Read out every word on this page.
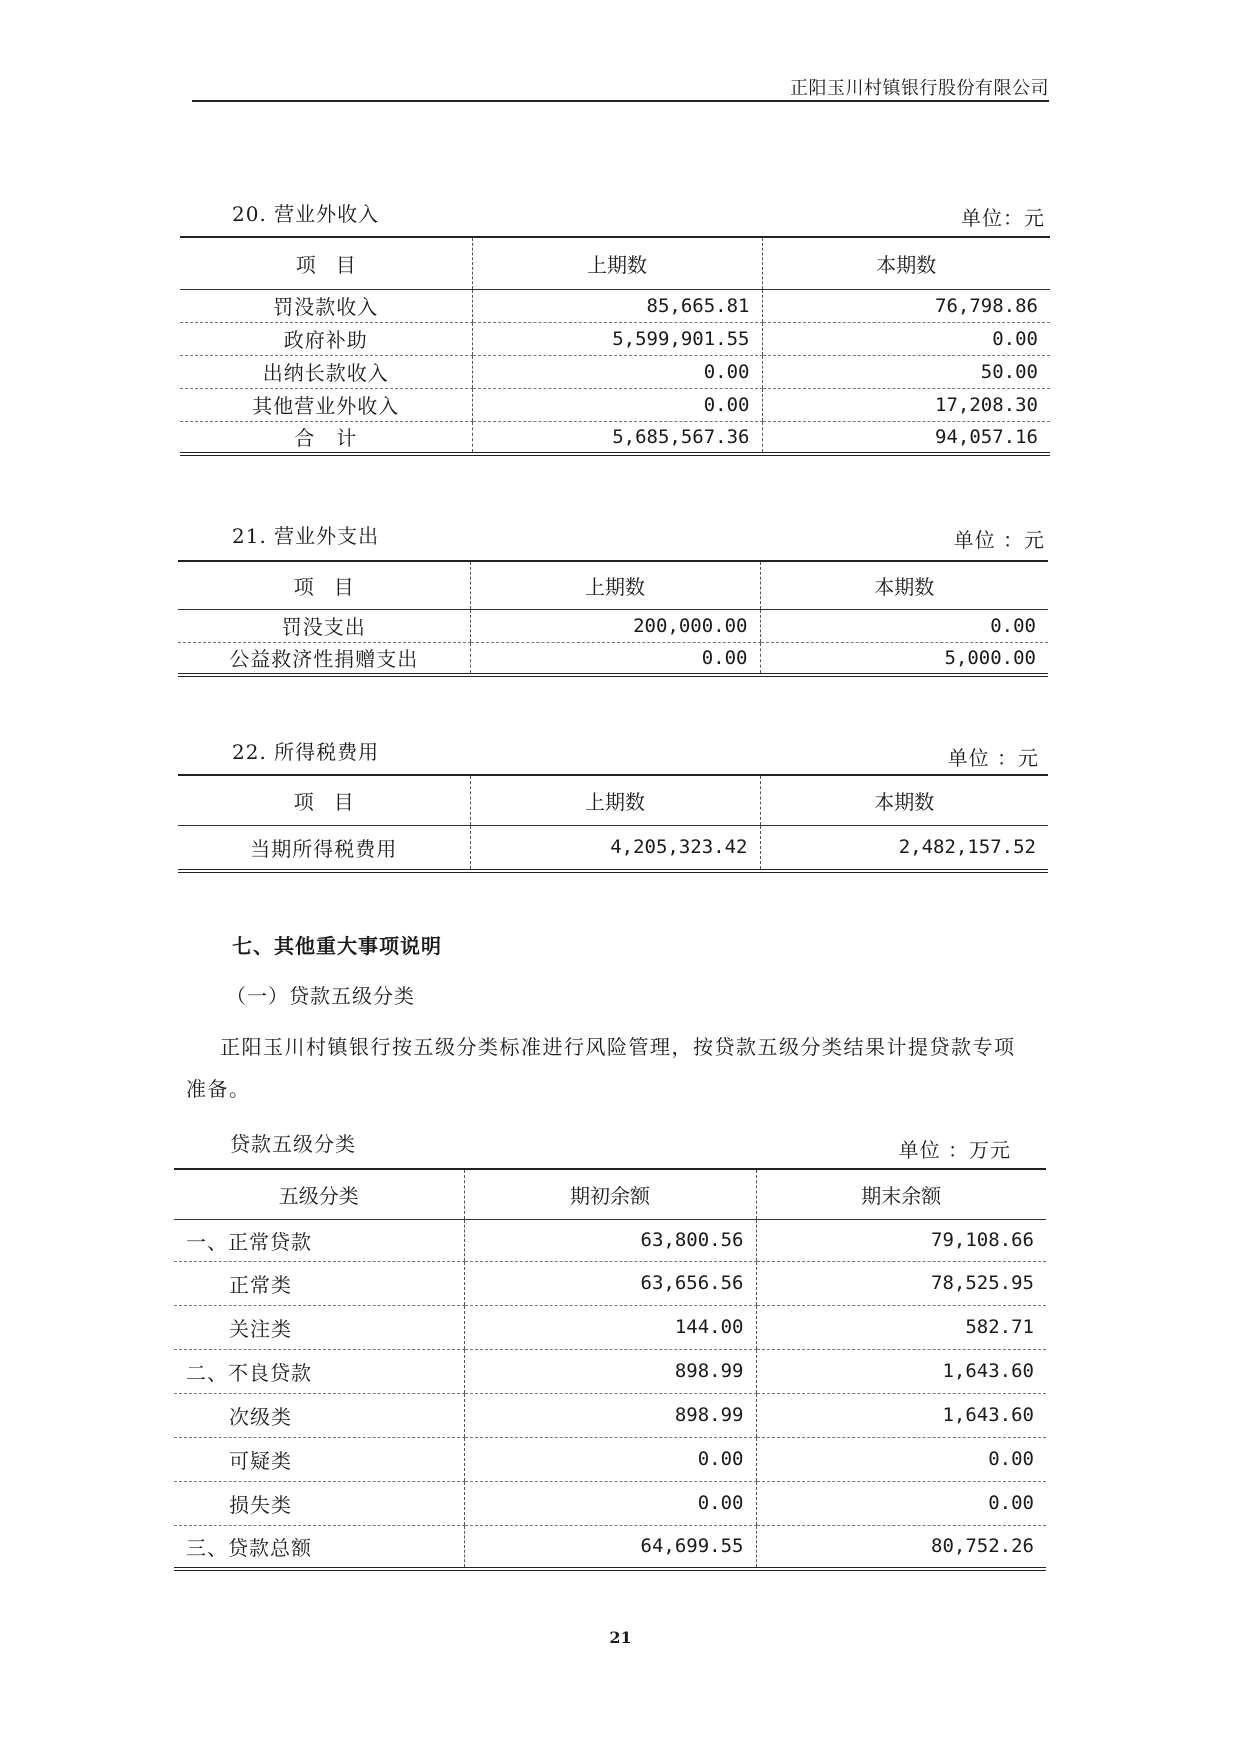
正阳玉川村镇银行股份有限公司
20. 营业外收入	单位：元
项　目	上期数	本期数
罚没款收入	85,665.81	76,798.86
政府补助	5,599,901.55	0.00
出纳长款收入	0.00	50.00
其他营业外收入	0.00	17,208.30
合　计	5,685,567.36	94,057.16
21. 营业外支出	单位 ：元
项　目	上期数	本期数
罚没支出	200,000.00	0.00
公益救济性捐赠支出	0.00	5,000.00
22. 所得税费用	单位 ：元
项　目	上期数	本期数
当期所得税费用	4,205,323.42	2,482,157.52
七、其他重大事项说明
（一）贷款五级分类
正阳玉川村镇银行按五级分类标准进行风险管理，按贷款五级分类结果计提贷款专项
准备。
贷款五级分类	单位 ：万元
五级分类	期初余额	期末余额
一、正常贷款	63,800.56	79,108.66
正常类	63,656.56	78,525.95
关注类	144.00	582.71
二、不良贷款	898.99	1,643.60
次级类	898.99	1,643.60
可疑类	0.00	0.00
损失类	0.00	0.00
三、贷款总额	64,699.55	80,752.26
21
